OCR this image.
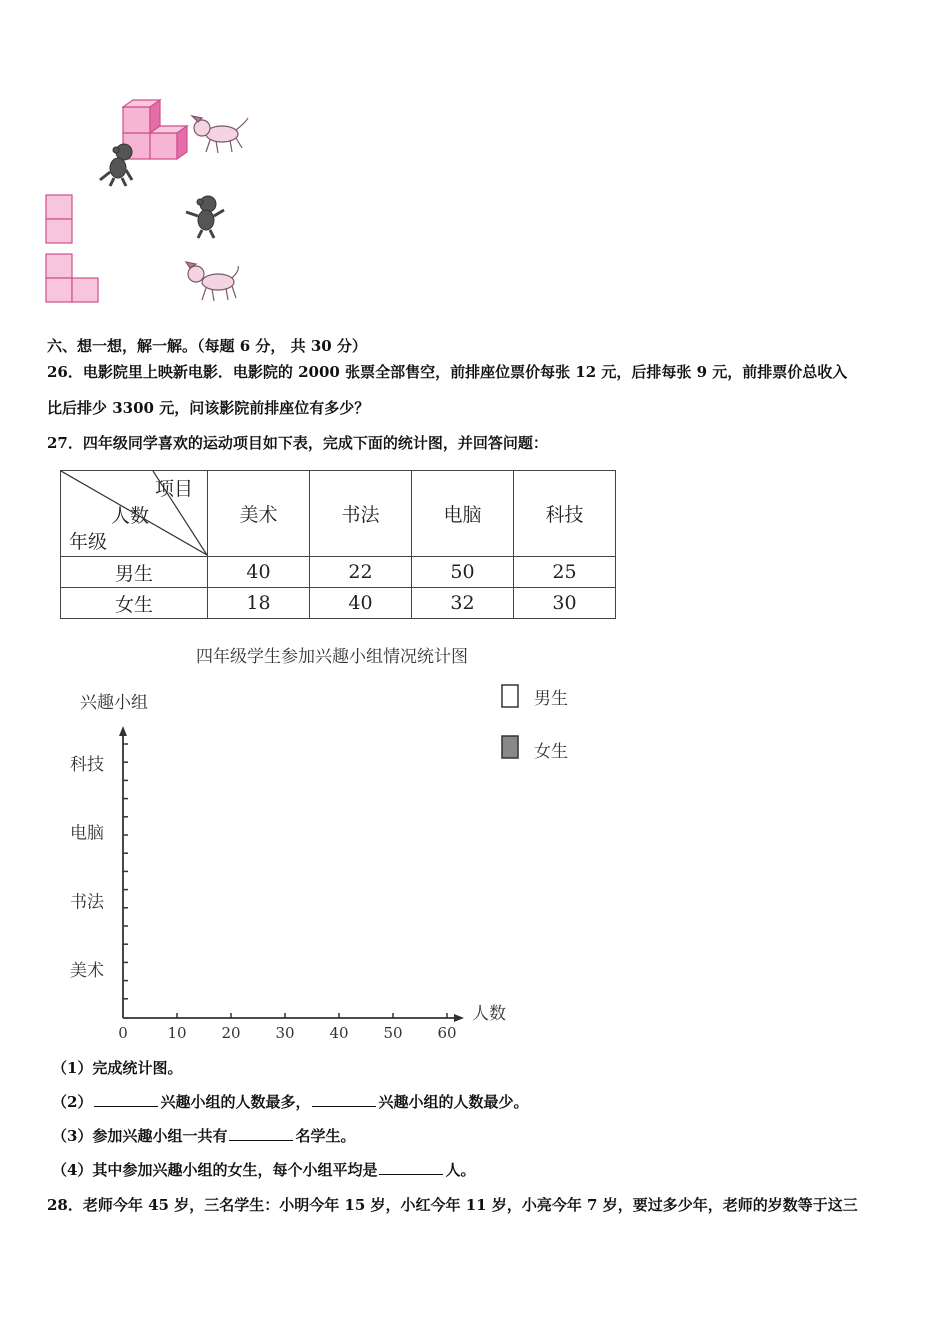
六、想一想，解一解。（每题 6 分， 共 30 分）
26．电影院里上映新电影．电影院的 2000 张票全部售空，前排座位票价每张 12 元，后排每张 9 元，前排票价总收入
比后排少 3300 元，问该影院前排座位有多少？
27．四年级同学喜欢的运动项目如下表，完成下面的统计图，并回答问题：
项目
人数
年级	美术	书法	电脑	科技
男生	40	22	50	25
女生	18	40	32	30
四年级学生参加兴趣小组情况统计图
兴趣小组	男生
女生
人数
美术
书法
电脑
科技
0	10 20 30 40 50 60
（1）完成统计图。
（2）	兴趣小组的人数最多，	兴趣小组的人数最少。
（3）参加兴趣小组一共有	名学生。
（4）其中参加兴趣小组的女生，每个小组平均是	人。
28．老师今年 45 岁，三名学生：小明今年 15 岁，小红今年 11 岁，小亮今年 7 岁，要过多少年，老师的岁数等于这三
